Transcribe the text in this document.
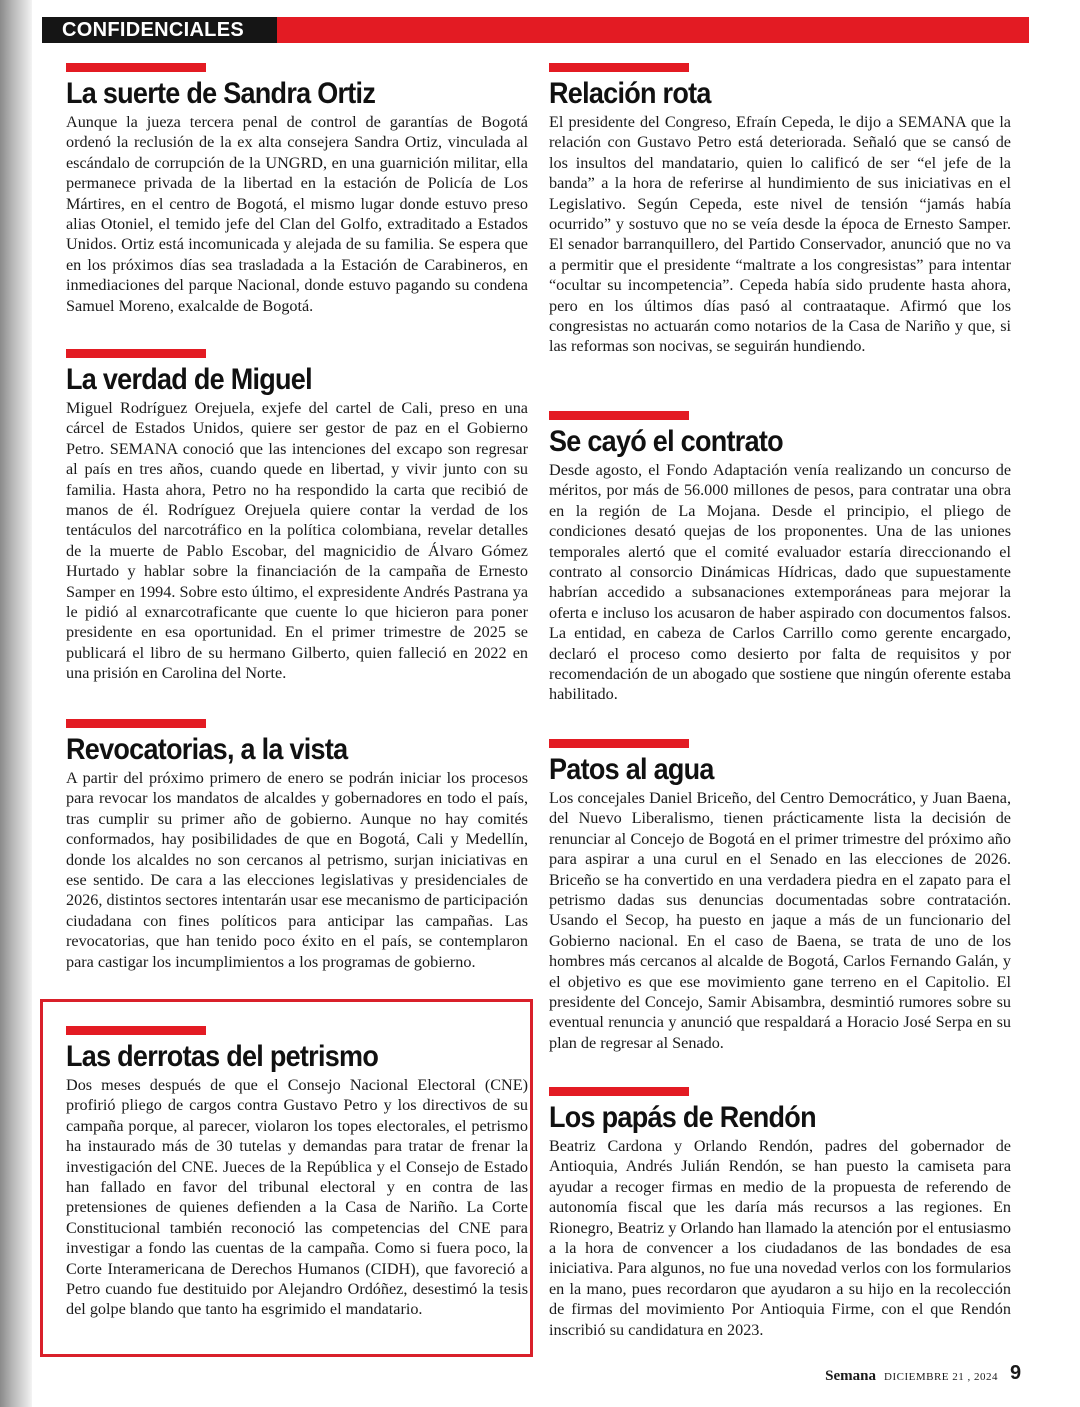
CONFIDENCIALES
La suerte de Sandra Ortiz

Aunque la jueza tercera penal de control de garantías de Bogotá ordenó la reclusión de la ex alta consejera Sandra Ortiz, vinculada al escándalo de corrupción de la UNGRD, en una guarnición militar, ella permanece privada de la libertad en la estación de Policía de Los Mártires, en el centro de Bogotá, el mismo lugar donde estuvo preso alias Otoniel, el temido jefe del Clan del Golfo, extraditado a Estados Unidos. Ortiz está incomunicada y alejada de su familia. Se espera que en los próximos días sea trasladada a la Estación de Carabineros, en inmediaciones del parque Nacional, donde estuvo pagando su condena Samuel Moreno, exalcalde de Bogotá.

La verdad de Miguel

Miguel Rodríguez Orejuela, exjefe del cartel de Cali, preso en una cárcel de Estados Unidos, quiere ser gestor de paz en el Gobierno Petro. SEMANA conoció que las intenciones del excapo son regresar al país en tres años, cuando quede en libertad, y vivir junto con su familia. Hasta ahora, Petro no ha respondido la carta que recibió de manos de él. Rodríguez Orejuela quiere contar la verdad de los tentáculos del narcotráfico en la política colombiana, revelar detalles de la muerte de Pablo Escobar, del magnicidio de Álvaro Gómez Hurtado y hablar sobre la financiación de la campaña de Ernesto Samper en 1994. Sobre esto último, el expresidente Andrés Pastrana ya le pidió al exnarcotraficante que cuente lo que hicieron para poner presidente en esa oportunidad. En el primer trimestre de 2025 se publicará el libro de su hermano Gilberto, quien falleció en 2022 en una prisión en Carolina del Norte.

Revocatorias, a la vista

A partir del próximo primero de enero se podrán iniciar los procesos para revocar los mandatos de alcaldes y gobernadores en todo el país, tras cumplir su primer año de gobierno. Aunque no hay comités conformados, hay posibilidades de que en Bogotá, Cali y Medellín, donde los alcaldes no son cercanos al petrismo, surjan iniciativas en ese sentido. De cara a las elecciones legislativas y presidenciales de 2026, distintos sectores intentarán usar ese mecanismo de participación ciudadana con fines políticos para anticipar las campañas. Las revocatorias, que han tenido poco éxito en el país, se contemplaron para castigar los incumplimientos a los programas de gobierno.

Las derrotas del petrismo

Dos meses después de que el Consejo Nacional Electoral (CNE) profirió pliego de cargos contra Gustavo Petro y los directivos de su campaña porque, al parecer, violaron los topes electorales, el petrismo ha instaurado más de 30 tutelas y demandas para tratar de frenar la investigación del CNE. Jueces de la República y el Consejo de Estado han fallado en favor del tribunal electoral y en contra de las pretensiones de quienes defienden a la Casa de Nariño. La Corte Constitucional también reconoció las competencias del CNE para investigar a fondo las cuentas de la campaña. Como si fuera poco, la Corte Interamericana de Derechos Humanos (CIDH), que favoreció a Petro cuando fue destituido por Alejandro Ordóñez, desestimó la tesis del golpe blando que tanto ha esgrimido el mandatario.

Relación rota

El presidente del Congreso, Efraín Cepeda, le dijo a SEMANA que la relación con Gustavo Petro está deteriorada. Señaló que se cansó de los insultos del mandatario, quien lo calificó de ser “el jefe de la banda” a la hora de referirse al hundimiento de sus iniciativas en el Legislativo. Según Cepeda, este nivel de tensión “jamás había ocurrido” y sostuvo que no se veía desde la época de Ernesto Samper. El senador barranquillero, del Partido Conservador, anunció que no va a permitir que el presidente “maltrate a los congresistas” para intentar “ocultar su incompetencia”. Cepeda había sido prudente hasta ahora, pero en los últimos días pasó al contraataque. Afirmó que los congresistas no actuarán como notarios de la Casa de Nariño y que, si las reformas son nocivas, se seguirán hundiendo.

Se cayó el contrato

Desde agosto, el Fondo Adaptación venía realizando un concurso de méritos, por más de 56.000 millones de pesos, para contratar una obra en la región de La Mojana. Desde el principio, el pliego de condiciones desató quejas de los proponentes. Una de las uniones temporales alertó que el comité evaluador estaría direccionando el contrato al consorcio Dinámicas Hídricas, dado que supuestamente habrían accedido a subsanaciones extemporáneas para mejorar la oferta e incluso los acusaron de haber aspirado con documentos falsos. La entidad, en cabeza de Carlos Carrillo como gerente encargado, declaró el proceso como desierto por falta de requisitos y por recomendación de un abogado que sostiene que ningún oferente estaba habilitado.

Patos al agua

Los concejales Daniel Briceño, del Centro Democrático, y Juan Baena, del Nuevo Liberalismo, tienen prácticamente lista la decisión de renunciar al Concejo de Bogotá en el primer trimestre del próximo año para aspirar a una curul en el Senado en las elecciones de 2026. Briceño se ha convertido en una verdadera piedra en el zapato para el petrismo dadas sus denuncias documentadas sobre contratación. Usando el Secop, ha puesto en jaque a más de un funcionario del Gobierno nacional. En el caso de Baena, se trata de uno de los hombres más cercanos al alcalde de Bogotá, Carlos Fernando Galán, y el objetivo es que ese movimiento gane terreno en el Capitolio. El presidente del Concejo, Samir Abisambra, desmintió rumores sobre su eventual renuncia y anunció que respaldará a Horacio José Serpa en su plan de regresar al Senado.

Los papás de Rendón

Beatriz Cardona y Orlando Rendón, padres del gobernador de Antioquia, Andrés Julián Rendón, se han puesto la camiseta para ayudar a recoger firmas en medio de la propuesta de referendo de autonomía fiscal que les daría más recursos a las regiones. En Rionegro, Beatriz y Orlando han llamado la atención por el entusiasmo a la hora de convencer a los ciudadanos de las bondades de esa iniciativa. Para algunos, no fue una novedad verlos con los formularios en la mano, pues recordaron que ayudaron a su hijo en la recolección de firmas del movimiento Por Antioquia Firme, con el que Rendón inscribió su candidatura en 2023.

Semana DICIEMBRE 21 , 2024 9
